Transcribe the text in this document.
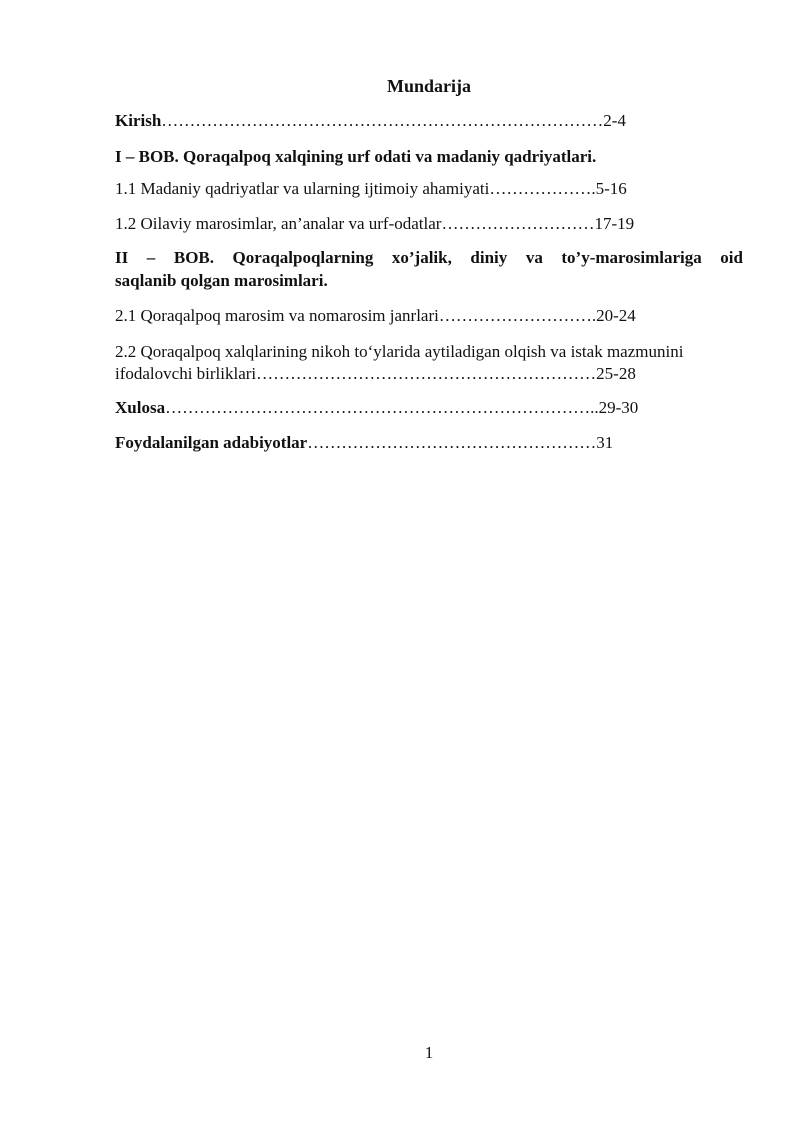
Mundarija
Kirish……………………………………………………………………2-4
I – BOB. Qoraqalpoq xalqining urf odati va madaniy qadriyatlari.
1.1 Madaniy qadriyatlar va ularning ijtimoiy ahamiyati……………….5-16
1.2 Oilaviy marosimlar, an’analar va urf-odatlar………………………17-19
II – BOB. Qoraqalpoqlarning xo’jalik, diniy va to’y-marosimlariga oid
saqlanib qolgan marosimlari.
2.1 Qoraqalpoq marosim va nomarosim janrlari……………………….20-24
2.2 Qoraqalpoq xalqlarining nikoh to‘ylarida aytiladigan olqish va istak mazmunini
ifodalovchi birliklari……………………………………………………25-28
Xulosa…………………………………………………………………..29-30
Foydalanilgan adabiyotlar……………………………………………31
1
